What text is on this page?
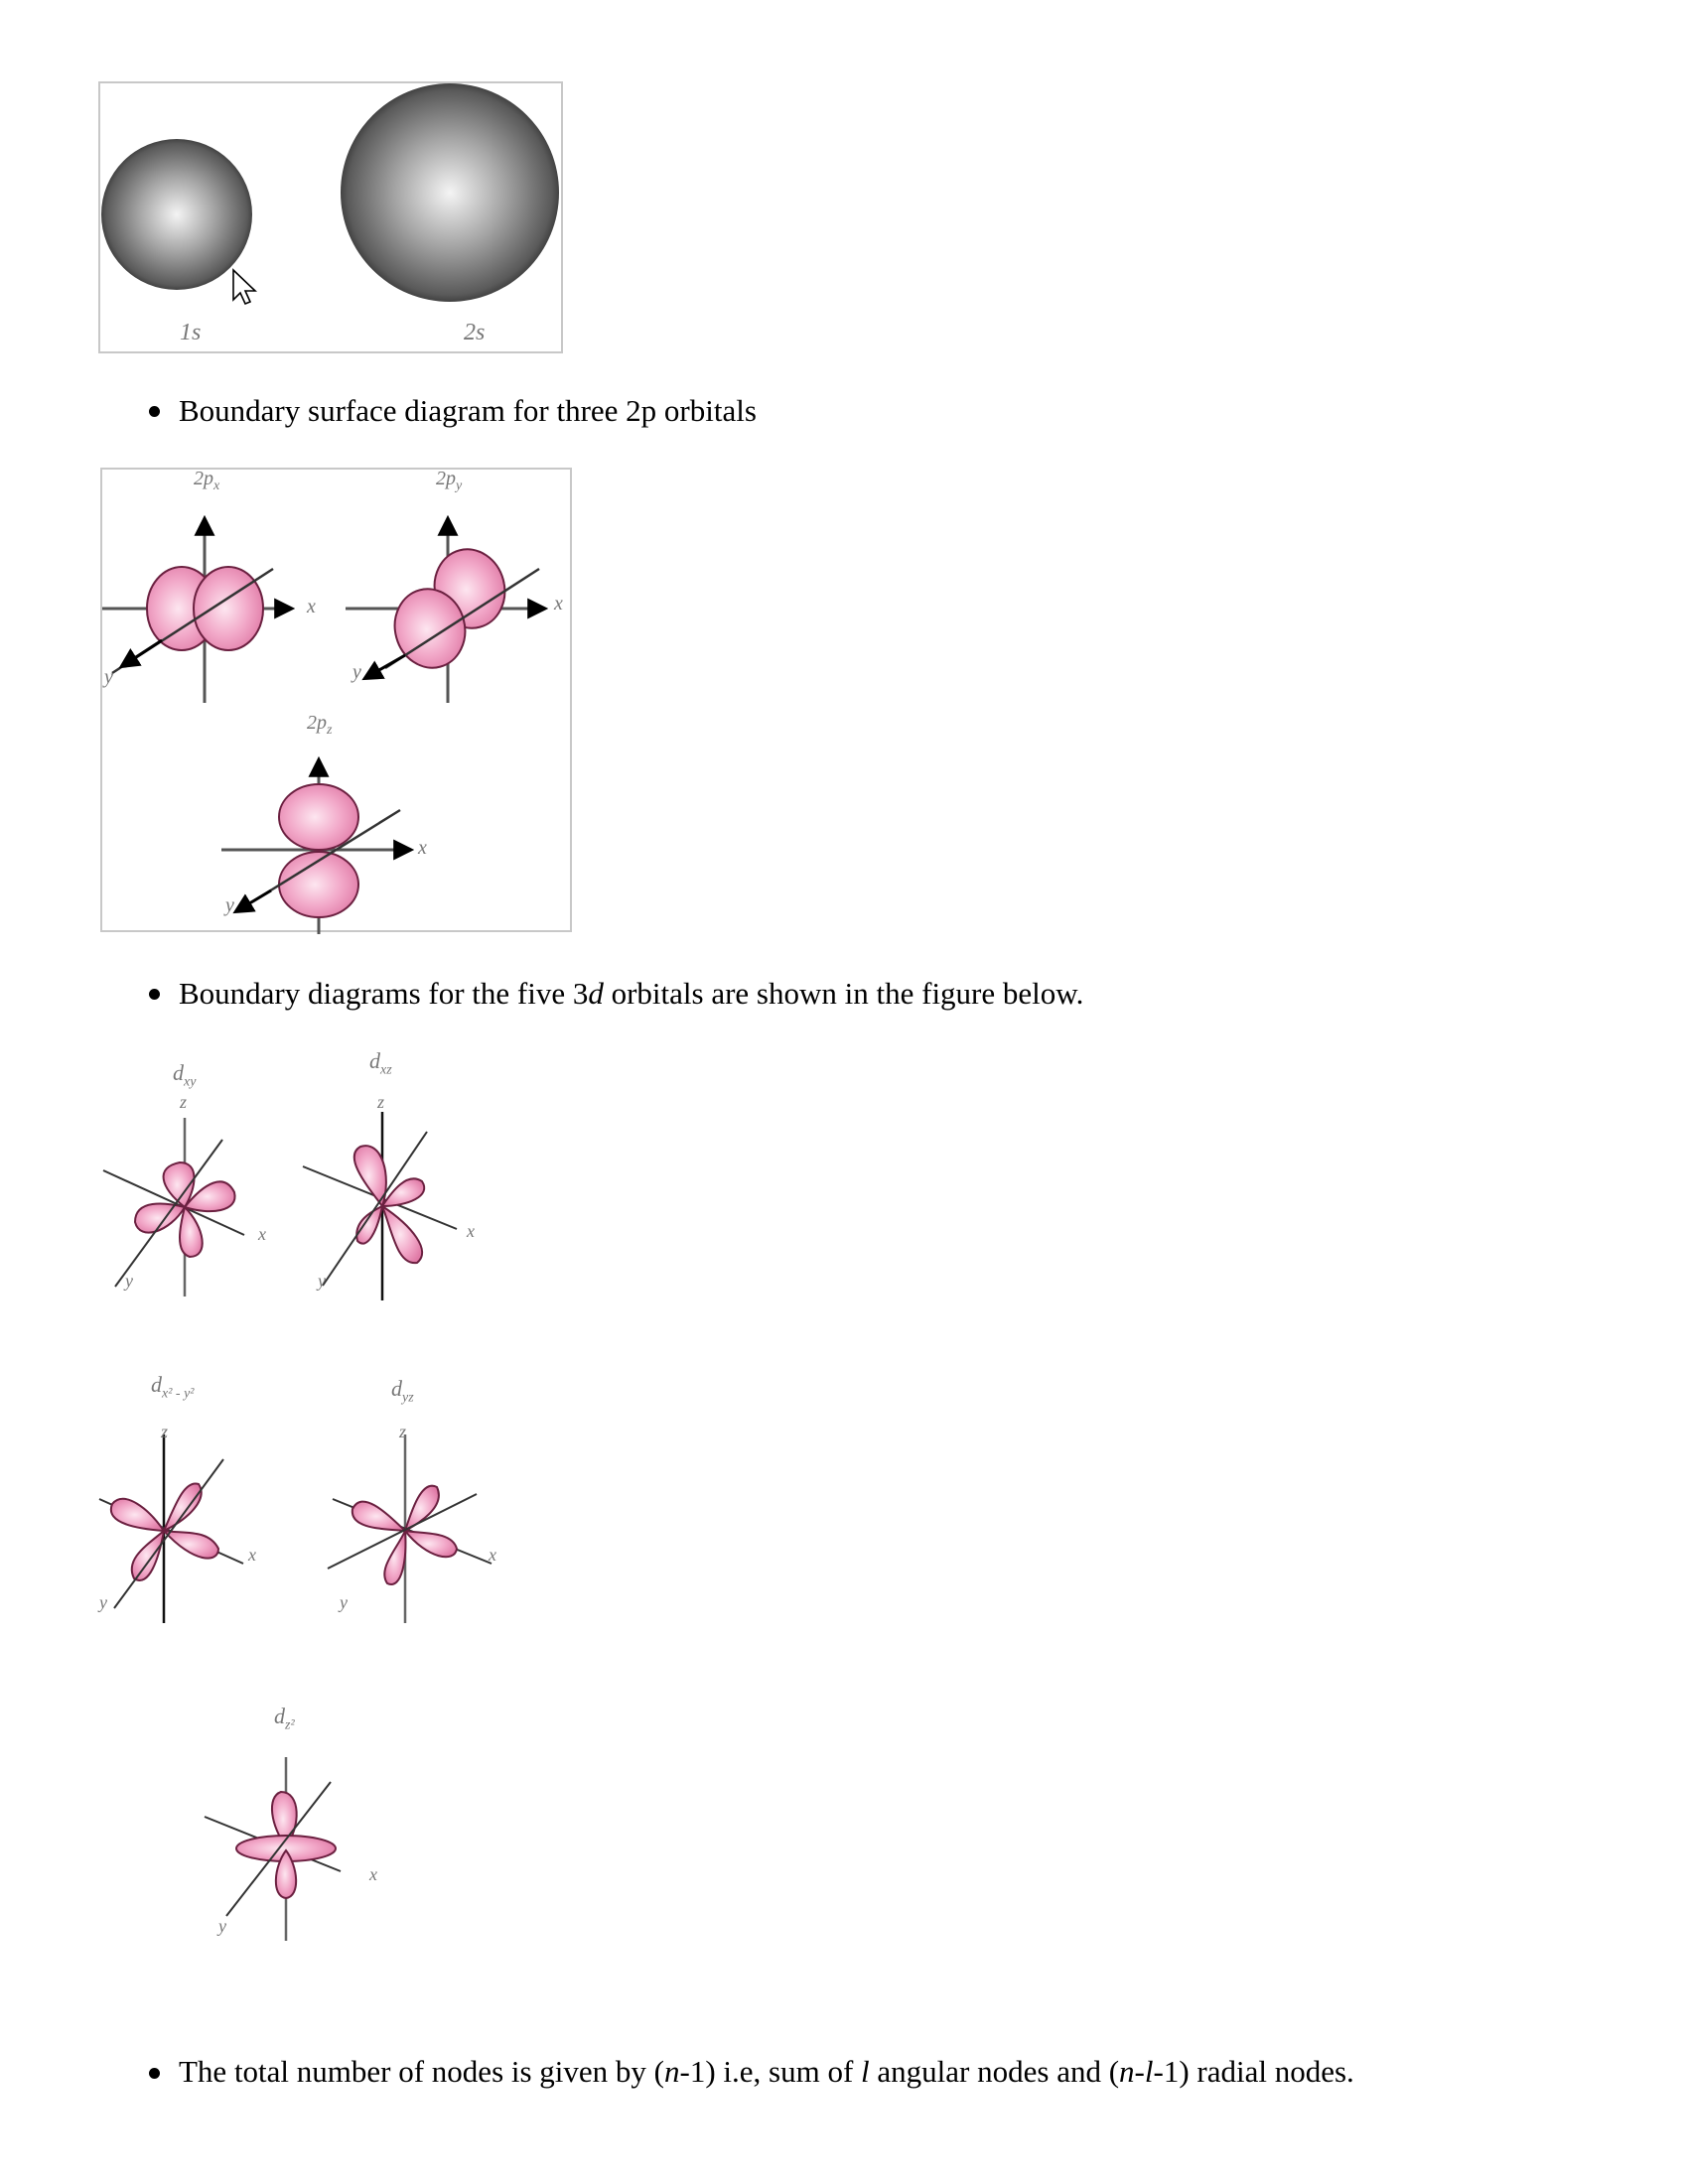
1s	2s
Boundary surface diagram for three 2p orbitals
$2p_x$
x
y
$2p_y$
x
y
$2p_z$
x
y
Boundary diagrams for the five 3d orbitals are shown in the figure below.
$d_{xy}$
z
x
y
$d_{xz}$
z
x
y
$d_{x^2 - y^2}$
z
x
y
$d_{yz}$
z
x
y
$d_{z^2}$
x
y
The total number of nodes is given by (n-1) i.e, sum of l angular nodes and (n-l-1) radial nodes.
